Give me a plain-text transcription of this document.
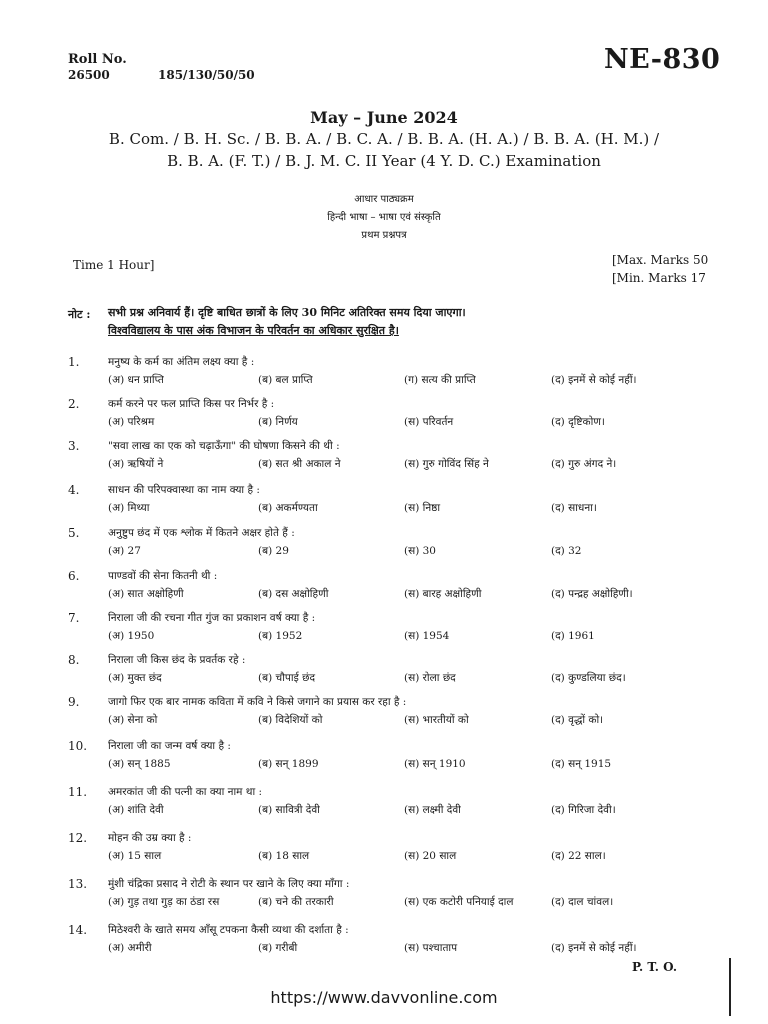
Roll No.
26500	185/130/50/50	NE-830
May – June 2024
B. Com. / B. H. Sc. / B. B. A. / B. C. A. / B. B. A. (H. A.) / B. B. A. (H. M.) /
B. B. A. (F. T.) / B. J. M. C. II Year (4 Y. D. C.) Examination
आधार पाठ्यक्रम
हिन्दी भाषा – भाषा एवं संस्कृति
प्रथम प्रश्नपत्र
Time 1 Hour]	[Max. Marks 50
[Min. Marks 17
नोट : सभी प्रश्न अनिवार्य हैं। दृष्टि बाधित छात्रों के लिए 30 मिनिट अतिरिक्त समय दिया जाएगा।
विश्वविद्यालय के पास अंक विभाजन के परिवर्तन का अधिकार सुरक्षित है।
1.	मनुष्य के कर्म का अंतिम लक्ष्य क्या है :
(अ) धन प्राप्ति	(ब) बल प्राप्ति	(ग) सत्य की प्राप्ति	(द) इनमें से कोई नहीं।
2.	कर्म करने पर फल प्राप्ति किस पर निर्भर है :
(अ) परिश्रम	(ब) निर्णय	(स) परिवर्तन	(द) दृष्टिकोण।
3.	"सवा लाख का एक को चढ़ाऊँगा" की घोषणा किसने की थी :
(अ) ऋषियों ने	(ब) सत श्री अकाल ने	(स) गुरु गोविंद सिंह ने	(द) गुरु अंगद ने।
4.	साधन की परिपक्वास्था का नाम क्या है :
(अ) मिथ्या	(ब) अकर्मण्यता	(स) निष्ठा	(द) साधना।
5.	अनुष्टुप छंद में एक श्लोक में कितने अक्षर होते हैं :
(अ) 27	(ब) 29	(स) 30	(द) 32
6.	पाण्डवों की सेना कितनी थी :
(अ) सात अक्षोहिणी	(ब) दस अक्षोहिणी	(स) बारह अक्षोहिणी	(द) पन्द्रह अक्षोहिणी।
7.	निराला जी की रचना गीत गुंज का प्रकाशन वर्ष क्या है :
(अ) 1950	(ब) 1952	(स) 1954	(द) 1961
8.	निराला जी किस छंद के प्रवर्तक रहे :
(अ) मुक्त छंद	(ब) चौपाई छंद	(स) रोला छंद	(द) कुण्डलिया छंद।
9.	जागो फिर एक बार नामक कविता में कवि ने किसे जगाने का प्रयास कर रहा है :
(अ) सेना को	(ब) विदेशियों को	(स) भारतीयों को	(द) वृद्धों को।
10. निराला जी का जन्म वर्ष क्या है :
(अ) सन् 1885	(ब) सन् 1899	(स) सन् 1910	(द) सन् 1915
11. अमरकांत जी की पत्नी का क्या नाम था :
(अ) शांति देवी	(ब) सावित्री देवी	(स) लक्ष्मी देवी	(द) गिरिजा देवी।
12. मोहन की उम्र क्या है :
(अ) 15 साल	(ब) 18 साल	(स) 20 साल	(द) 22 साल।
13. मुंशी चंद्रिका प्रसाद ने रोटी के स्थान पर खाने के लिए क्या माँगा :
(अ) गुड़ तथा गुड़ का ठंडा रस	(ब) चने की तरकारी	(स) एक कटोरी पनियाई दाल	(द) दाल चांवल।
14. मिठेश्वरी के खाते समय आँसू टपकना कैसी व्यथा की दर्शाता है :
(अ) अमीरी	(ब) गरीबी	(स) पश्चाताप	(द) इनमें से कोई नहीं।
P. T. O.
https://www.davvonline.com
